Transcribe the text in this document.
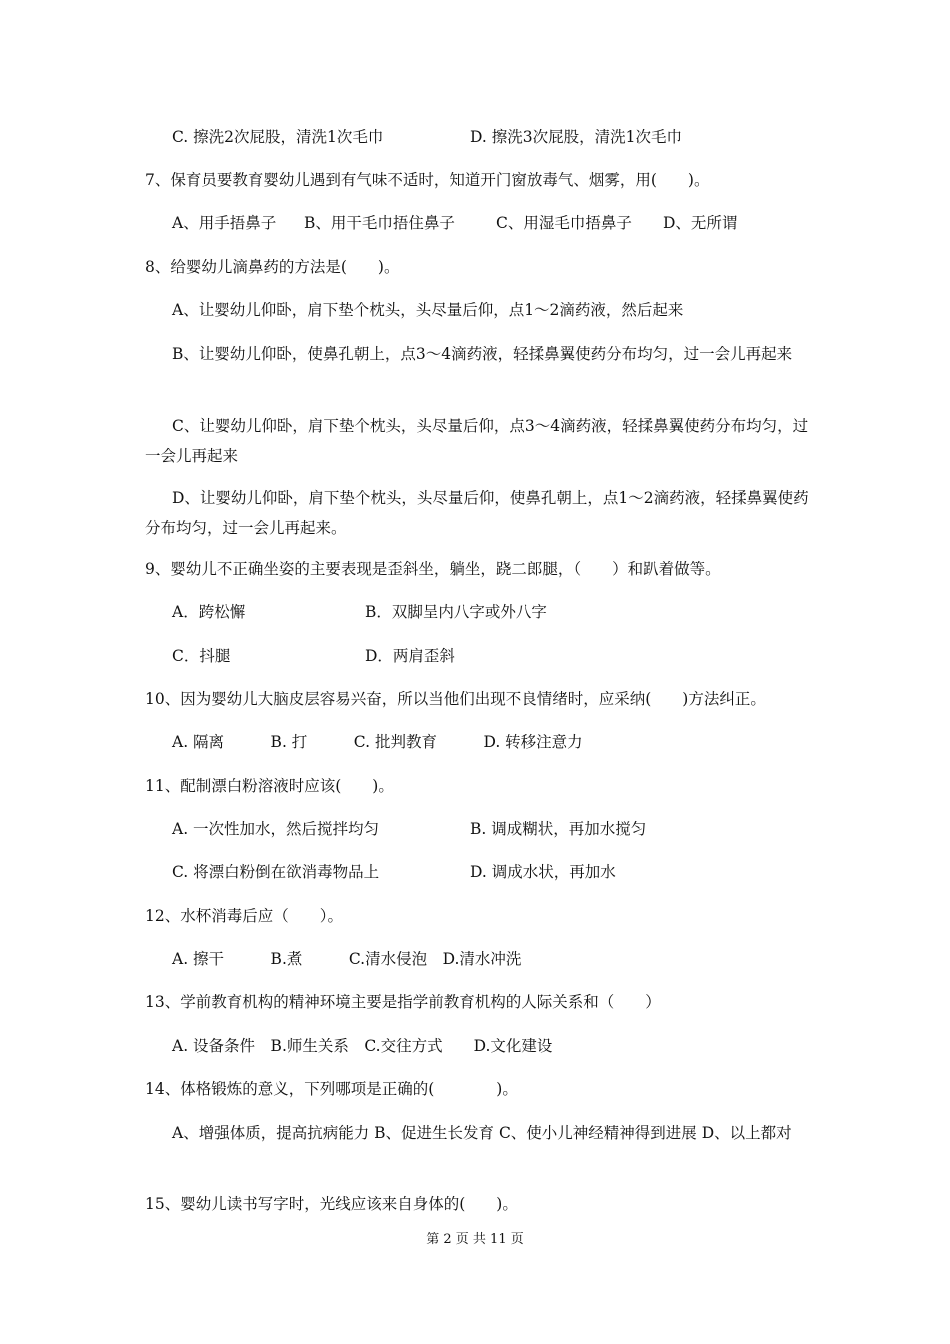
C. 擦洗2次屁股，清洗1次毛巾	D. 擦洗3次屁股，清洗1次毛巾
7、保育员要教育婴幼儿遇到有气味不适时，知道开门窗放毒气、烟雾，用(　　)。
A、用手捂鼻子 B、用干毛巾捂住鼻子	C、用湿毛巾捂鼻子 D、无所谓
8、给婴幼儿滴鼻药的方法是(　　)。
A、让婴幼儿仰卧，肩下垫个枕头，头尽量后仰，点1～2滴药液，然后起来
B、让婴幼儿仰卧，使鼻孔朝上，点3～4滴药液，轻揉鼻翼使药分布均匀，过一会儿再起来
C、让婴幼儿仰卧，肩下垫个枕头，头尽量后仰，点3～4滴药液，轻揉鼻翼使药分布均匀，过一会儿再起来
D、让婴幼儿仰卧，肩下垫个枕头，头尽量后仰，使鼻孔朝上，点1～2滴药液，轻揉鼻翼使药分布均匀，过一会儿再起来。
9、婴幼儿不正确坐姿的主要表现是歪斜坐，躺坐，跷二郎腿，（　　）和趴着做等。
A．跨松懈	B．双脚呈内八字或外八字
C．抖腿	D．两肩歪斜
10、因为婴幼儿大脑皮层容易兴奋，所以当他们出现不良情绪时，应采纳(　　)方法纠正。
A. 隔离　　　B. 打　　　C. 批判教育　　　D. 转移注意力
11、配制漂白粉溶液时应该(　　)。
A. 一次性加水，然后搅拌均匀	B. 调成糊状，再加水搅匀
C. 将漂白粉倒在欲消毒物品上	D. 调成水状，再加水
12、水杯消毒后应（　　）。
A. 擦干　　　B.煮　　　C.清水侵泡　D.清水冲洗
13、学前教育机构的精神环境主要是指学前教育机构的人际关系和（　　）
A. 设备条件　B.师生关系　C.交往方式　　D.文化建设
14、体格锻炼的意义，下列哪项是正确的(　　　　)。
A、增强体质，提高抗病能力 B、促进生长发育 C、使小儿神经精神得到进展 D、以上都对
15、婴幼儿读书写字时，光线应该来自身体的(　　)。
第 2 页 共 11 页
